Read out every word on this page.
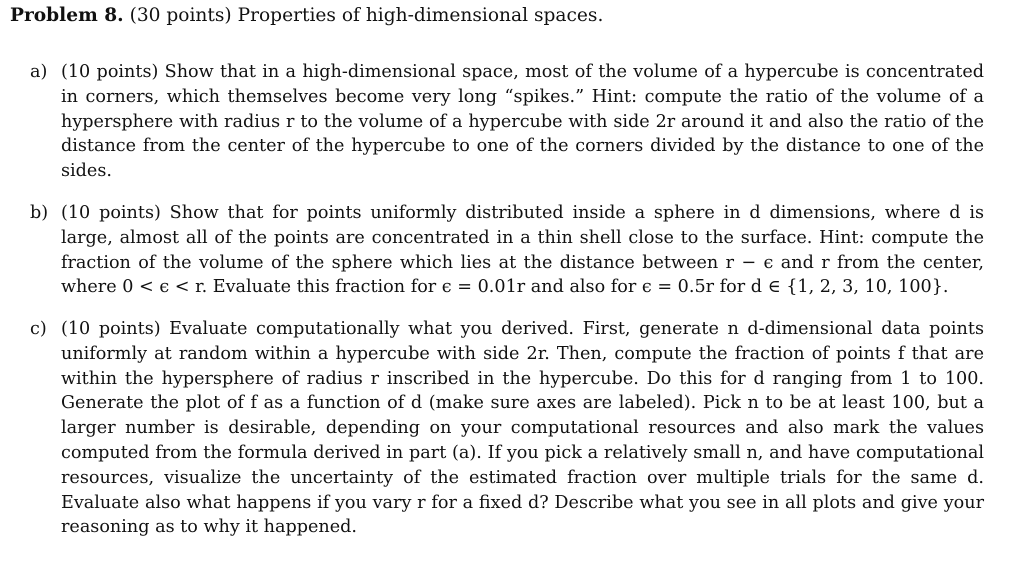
Problem 8. (30 points) Properties of high-dimensional spaces.
a) (10 points) Show that in a high-dimensional space, most of the volume of a hypercube is concentrated in corners, which themselves become very long “spikes.” Hint: compute the ratio of the volume of a hypersphere with radius r to the volume of a hypercube with side 2r around it and also the ratio of the distance from the center of the hypercube to one of the corners divided by the distance to one of the sides.
b) (10 points) Show that for points uniformly distributed inside a sphere in d dimensions, where d is large, almost all of the points are concentrated in a thin shell close to the surface. Hint: compute the fraction of the volume of the sphere which lies at the distance between r − ϵ and r from the center, where 0 < ϵ < r. Evaluate this fraction for ϵ = 0.01r and also for ϵ = 0.5r for d ∈ {1, 2, 3, 10, 100}.
c) (10 points) Evaluate computationally what you derived. First, generate n d-dimensional data points uniformly at random within a hypercube with side 2r. Then, compute the fraction of points f that are within the hypersphere of radius r inscribed in the hypercube. Do this for d ranging from 1 to 100. Generate the plot of f as a function of d (make sure axes are labeled). Pick n to be at least 100, but a larger number is desirable, depending on your computational resources and also mark the values computed from the formula derived in part (a). If you pick a relatively small n, and have computational resources, visualize the uncertainty of the estimated fraction over multiple trials for the same d. Evaluate also what happens if you vary r for a fixed d? Describe what you see in all plots and give your reasoning as to why it happened.
